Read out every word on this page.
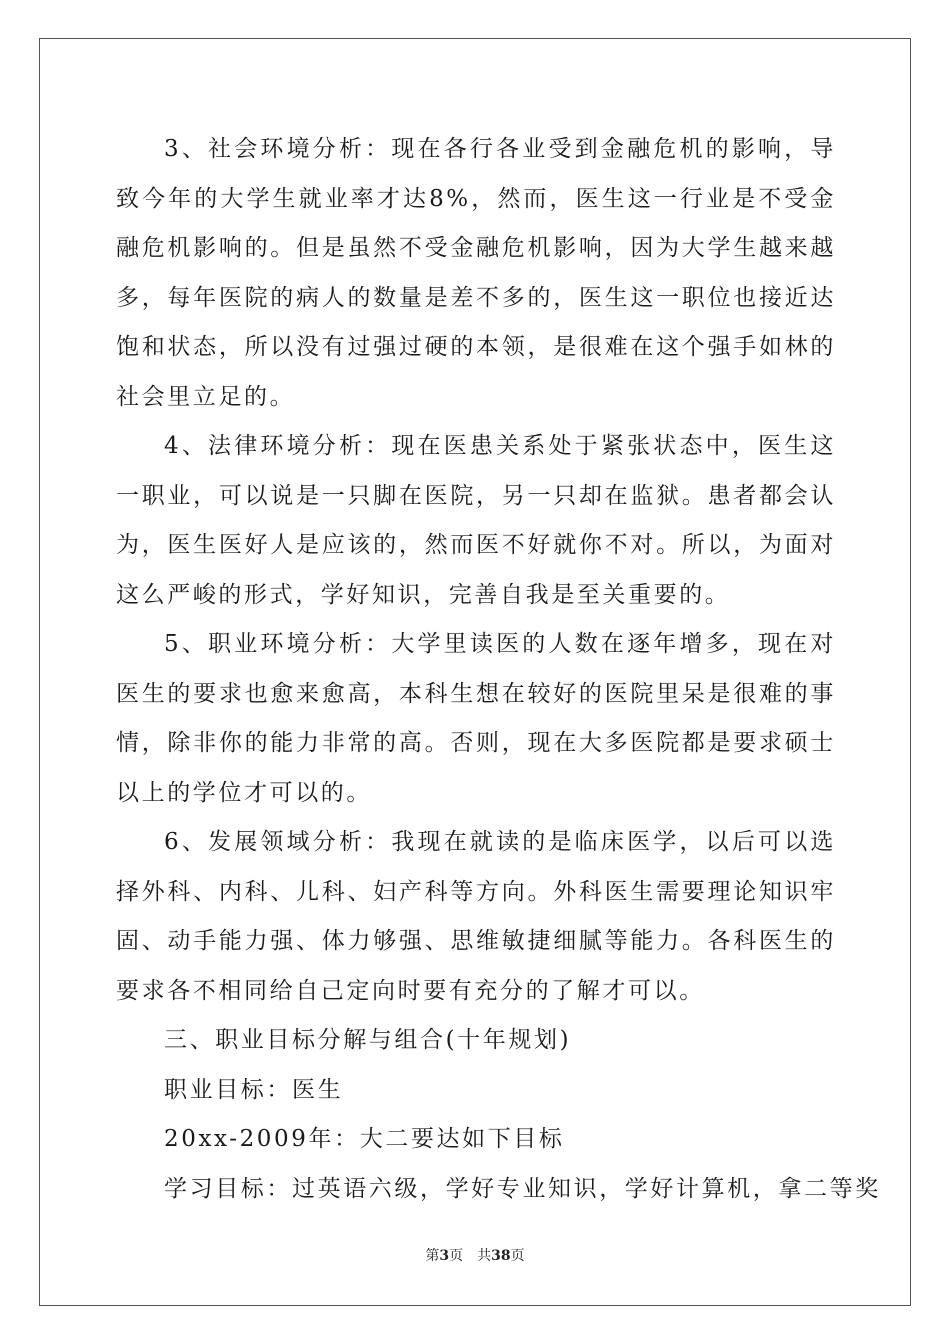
3、社会环境分析：现在各行各业受到金融危机的影响，导致今年的大学生就业率才达8%，然而，医生这一行业是不受金融危机影响的。但是虽然不受金融危机影响，因为大学生越来越多，每年医院的病人的数量是差不多的，医生这一职位也接近达饱和状态，所以没有过强过硬的本领，是很难在这个强手如林的社会里立足的。

4、法律环境分析：现在医患关系处于紧张状态中，医生这一职业，可以说是一只脚在医院，另一只却在监狱。患者都会认为，医生医好人是应该的，然而医不好就你不对。所以，为面对这么严峻的形式，学好知识，完善自我是至关重要的。

5、职业环境分析：大学里读医的人数在逐年增多，现在对医生的要求也愈来愈高，本科生想在较好的医院里呆是很难的事情，除非你的能力非常的高。否则，现在大多医院都是要求硕士以上的学位才可以的。

6、发展领域分析：我现在就读的是临床医学，以后可以选择外科、内科、儿科、妇产科等方向。外科医生需要理论知识牢固、动手能力强、体力够强、思维敏捷细腻等能力。各科医生的要求各不相同给自己定向时要有充分的了解才可以。

三、职业目标分解与组合(十年规划)

职业目标：医生

20xx-2009年：大二要达如下目标

学习目标：过英语六级，学好专业知识，学好计算机，拿二等奖

第3页 共38页
